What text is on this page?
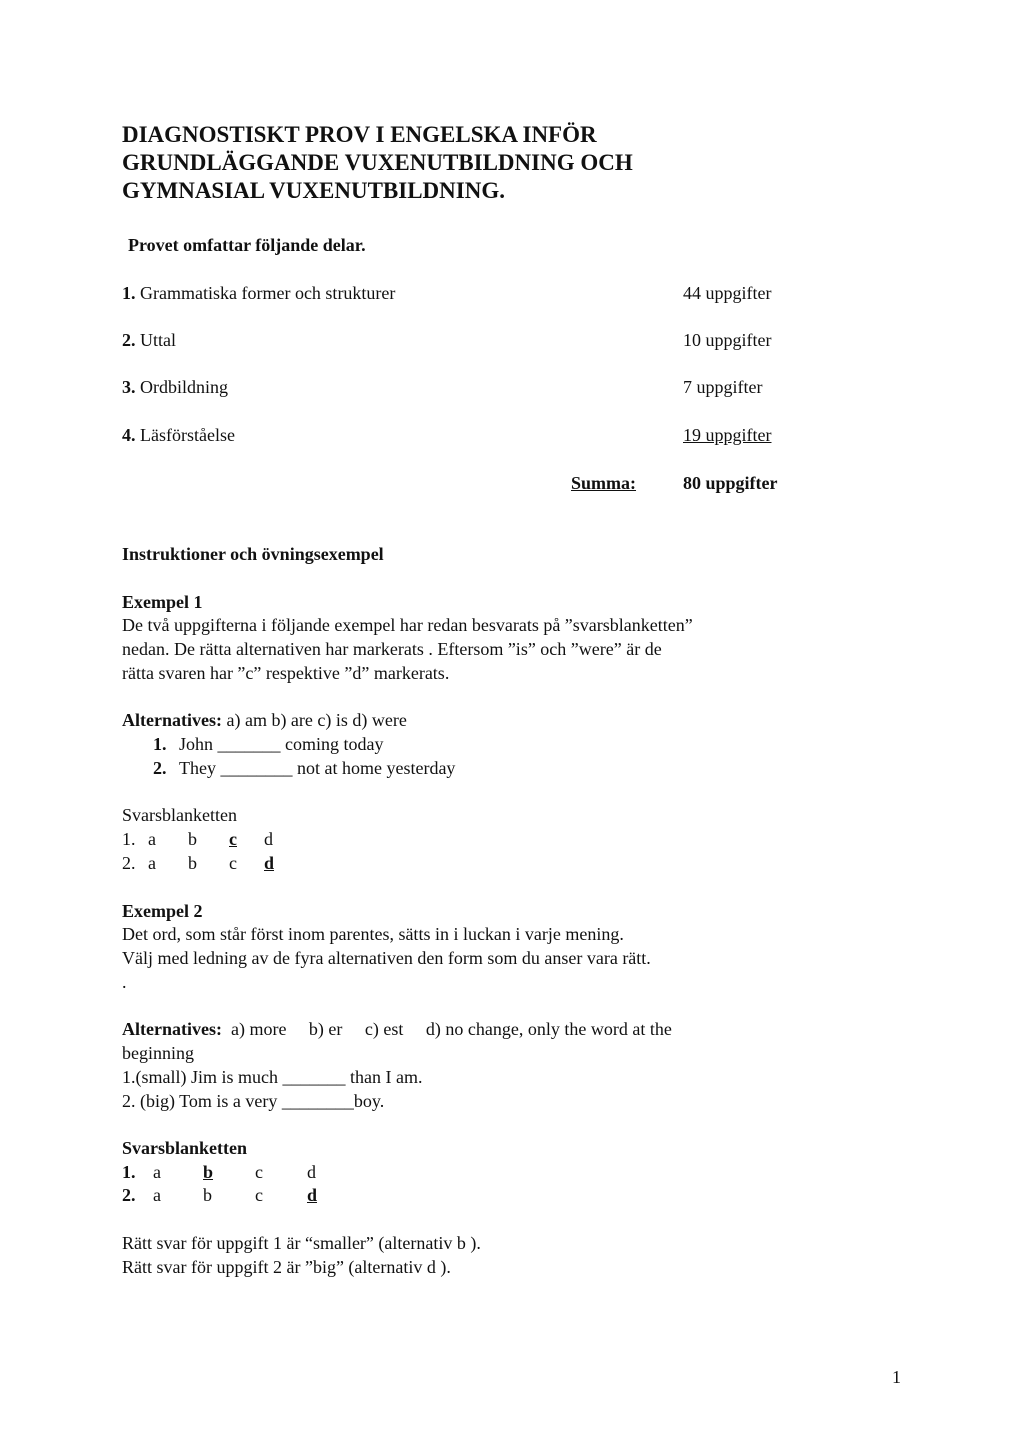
DIAGNOSTISKT PROV I ENGELSKA INFÖR
GRUNDLÄGGANDE VUXENUTBILDNING OCH
GYMNASIAL VUXENUTBILDNING.
Provet omfattar följande delar.
1. Grammatiska former och strukturer	44 uppgifter
2. Uttal	10 uppgifter
3. Ordbildning	7 uppgifter
4. Läsförståelse	19 uppgifter
Summa:	80 uppgifter
Instruktioner och övningsexempel
Exempel 1
De två uppgifterna i följande exempel har redan besvarats på ”svarsblanketten”
nedan. De rätta alternativen har markerats . Eftersom ”is” och ”were” är de
rätta svaren har ”c” respektive ”d” markerats.
Alternatives: a) am b) are c) is d) were
1. John _______ coming today
2. They ________ not at home yesterday
Svarsblanketten
1. a b c d
2. a b c d
Exempel 2
Det ord, som står först inom parentes, sätts in i luckan i varje mening.
Välj med ledning av de fyra alternativen den form som du anser vara rätt.
.
Alternatives:  a) more     b) er     c) est     d) no change, only the word at the
beginning
1.(small) Jim is much _______ than I am.
2. (big) Tom is a very ________boy.
Svarsblanketten
1. a b c d
2. a b c d
Rätt svar för uppgift 1 är “smaller” (alternativ b ).
Rätt svar för uppgift 2 är ”big” (alternativ d ).
1
